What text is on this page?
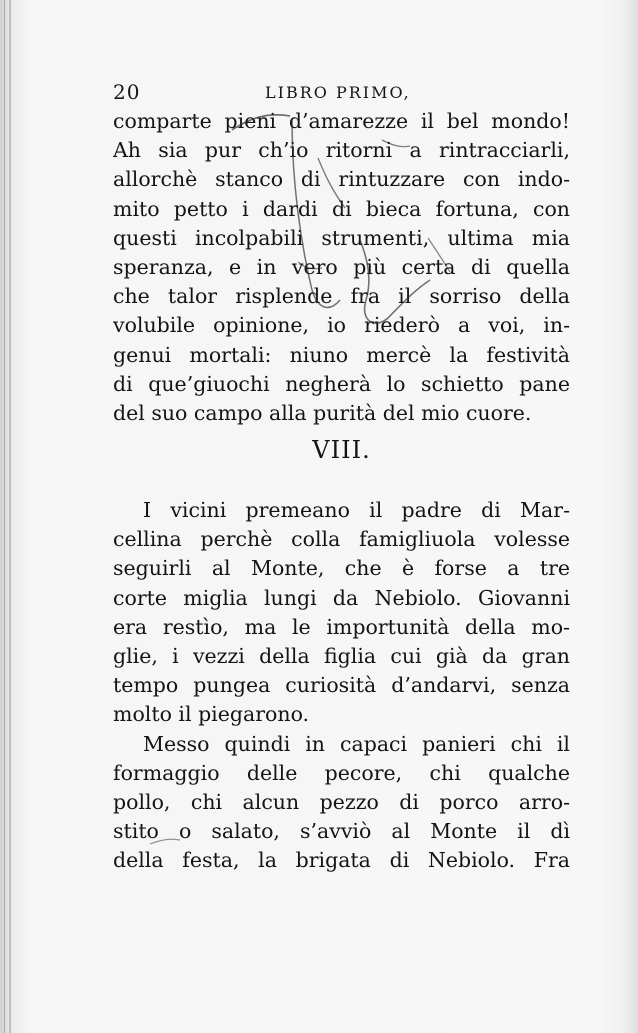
20	LIBRO PRIMO,
comparte pieni d’amarezze il bel mondo!
Ah sia pur ch’io ritorni a rintracciarli,
allorchè stanco di rintuzzare con indo-
mito petto i dardi di bieca fortuna, con
questi incolpabili strumenti, ultima mia
speranza, e in vero più certa di quella
che talor risplende fra il sorriso della
volubile opinione, io riederò a voi, in-
genui mortali: niuno mercè la festività
di que’giuochi negherà lo schietto pane
del suo campo alla purità del mio cuore.
VIII.
I vicini premeano il padre di Mar-
cellina perchè colla famigliuola volesse
seguirli al Monte, che è forse a tre
corte miglia lungi da Nebiolo. Giovanni
era restìo, ma le importunità della mo-
glie, i vezzi della figlia cui già da gran
tempo pungea curiosità d’andarvi, senza
molto il piegarono.
Messo quindi in capaci panieri chi il
formaggio delle pecore, chi qualche
pollo, chi alcun pezzo di porco arro-
stito o salato, s’avviò al Monte il dì
della festa, la brigata di Nebiolo. Fra
